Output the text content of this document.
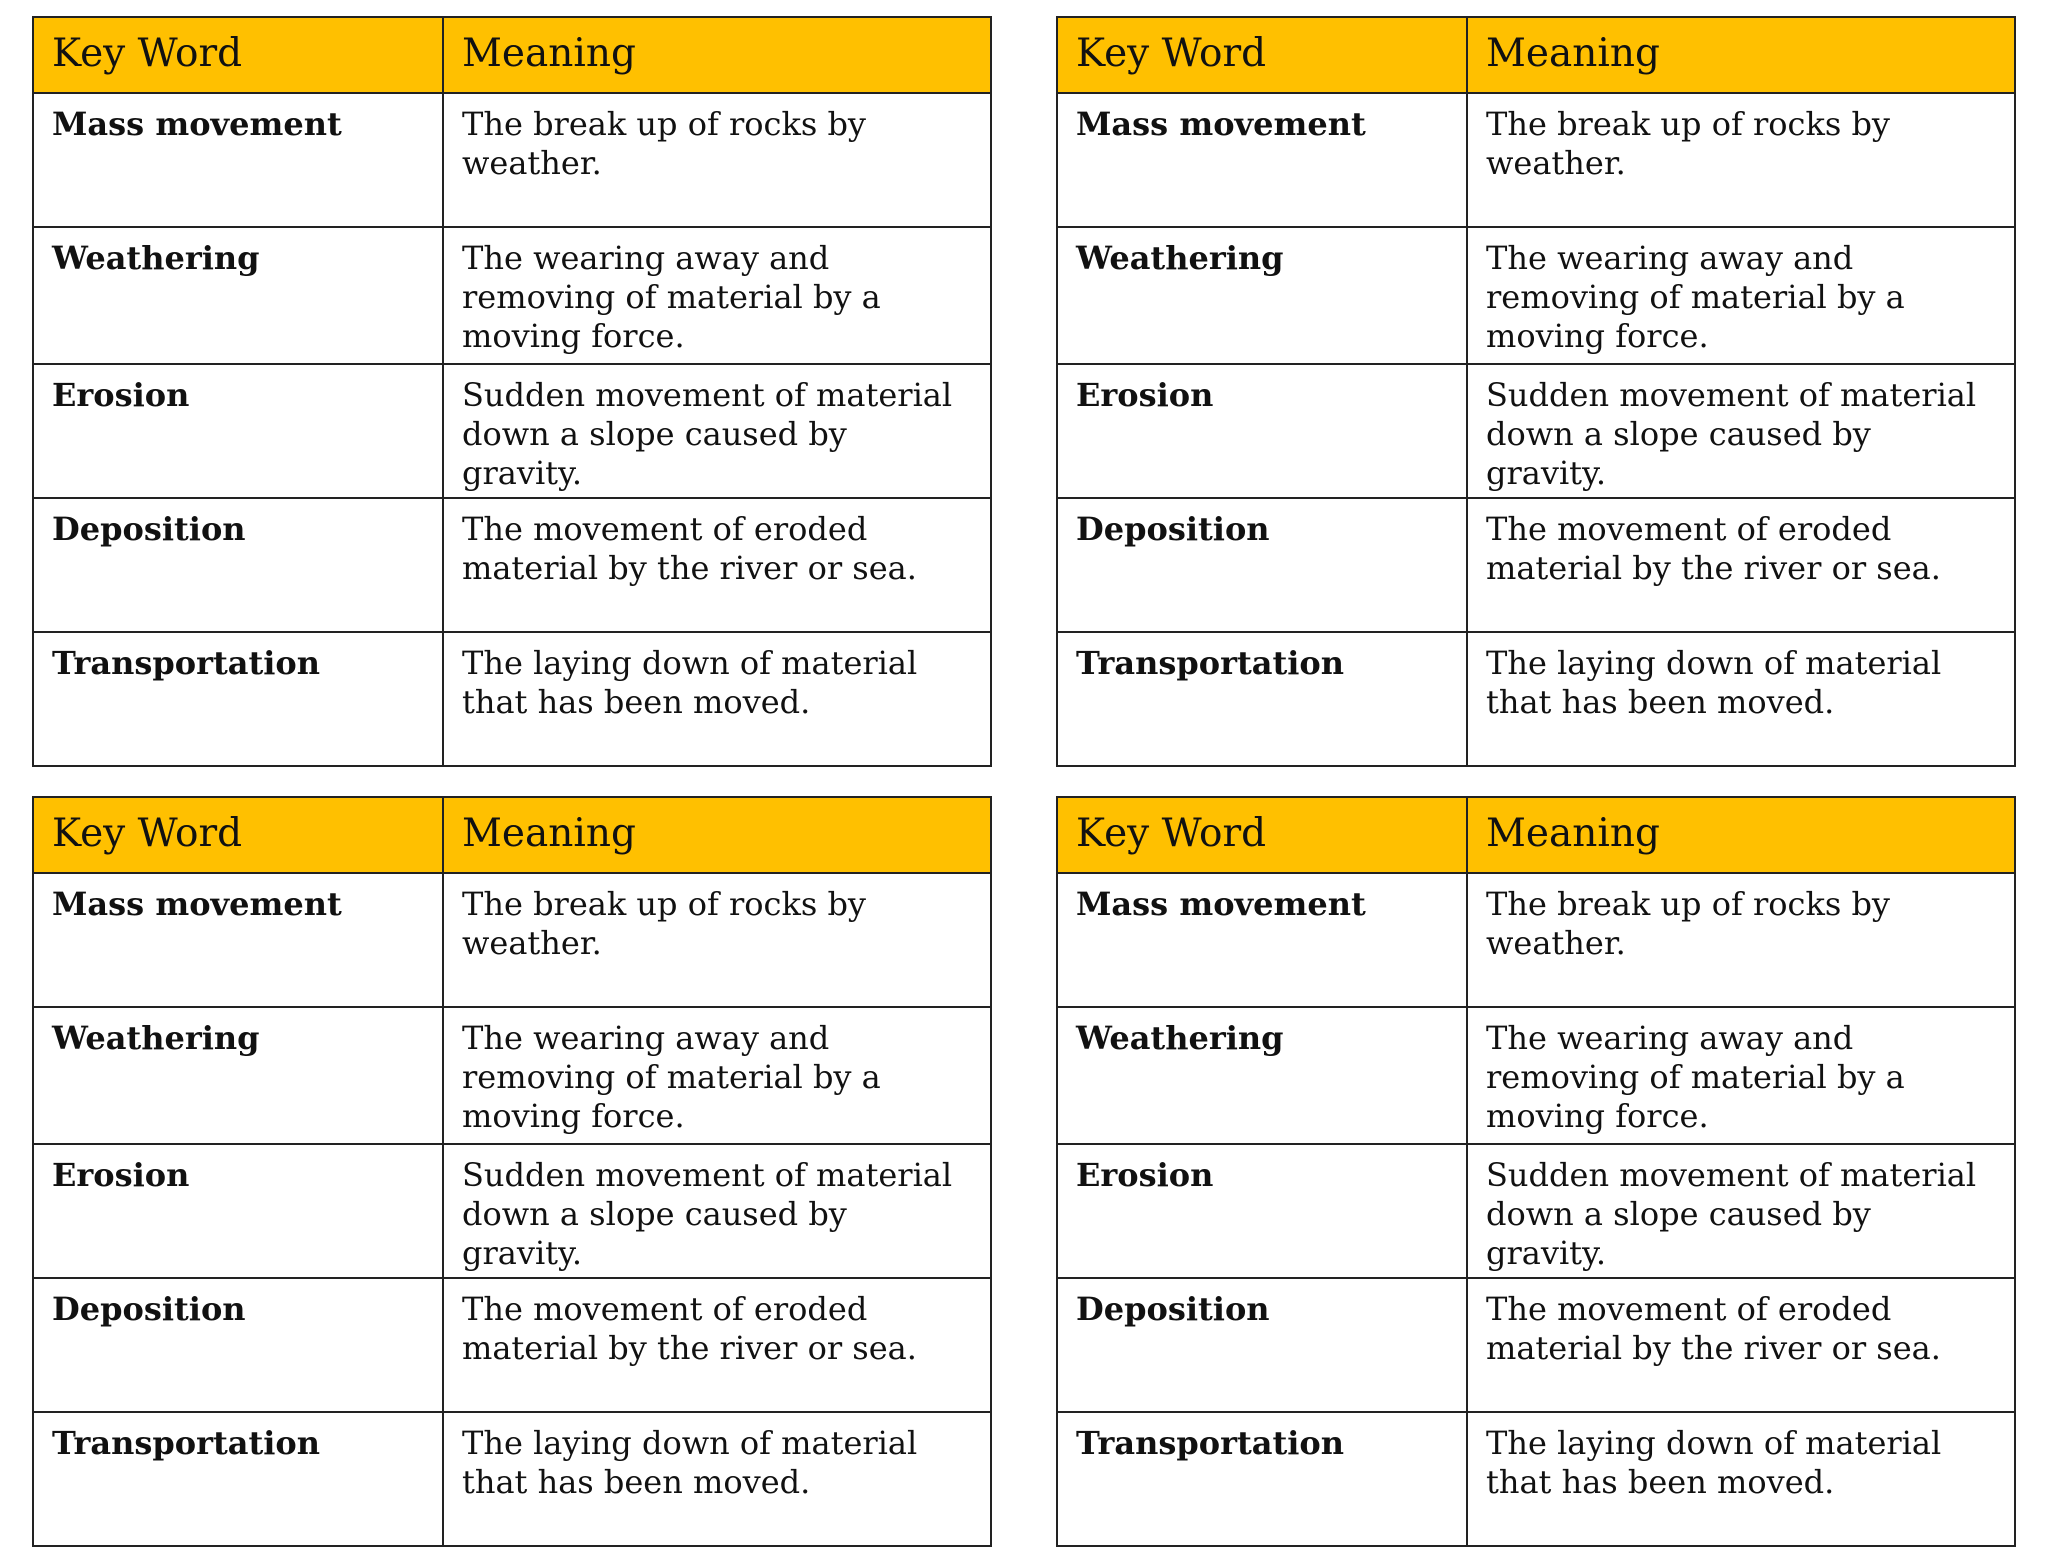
Key Word	Meaning
Mass movement	The break up of rocks by weather.
Weathering	The wearing away and removing of material by a moving force.
Erosion	Sudden movement of material down a slope caused by gravity.
Deposition	The movement of eroded material by the river or sea.
Transportation	The laying down of material that has been moved.
Key Word	Meaning
Mass movement	The break up of rocks by weather.
Weathering	The wearing away and removing of material by a moving force.
Erosion	Sudden movement of material down a slope caused by gravity.
Deposition	The movement of eroded material by the river or sea.
Transportation	The laying down of material that has been moved.
Key Word	Meaning
Mass movement	The break up of rocks by weather.
Weathering	The wearing away and removing of material by a moving force.
Erosion	Sudden movement of material down a slope caused by gravity.
Deposition	The movement of eroded material by the river or sea.
Transportation	The laying down of material that has been moved.
Key Word	Meaning
Mass movement	The break up of rocks by weather.
Weathering	The wearing away and removing of material by a moving force.
Erosion	Sudden movement of material down a slope caused by gravity.
Deposition	The movement of eroded material by the river or sea.
Transportation	The laying down of material that has been moved.
